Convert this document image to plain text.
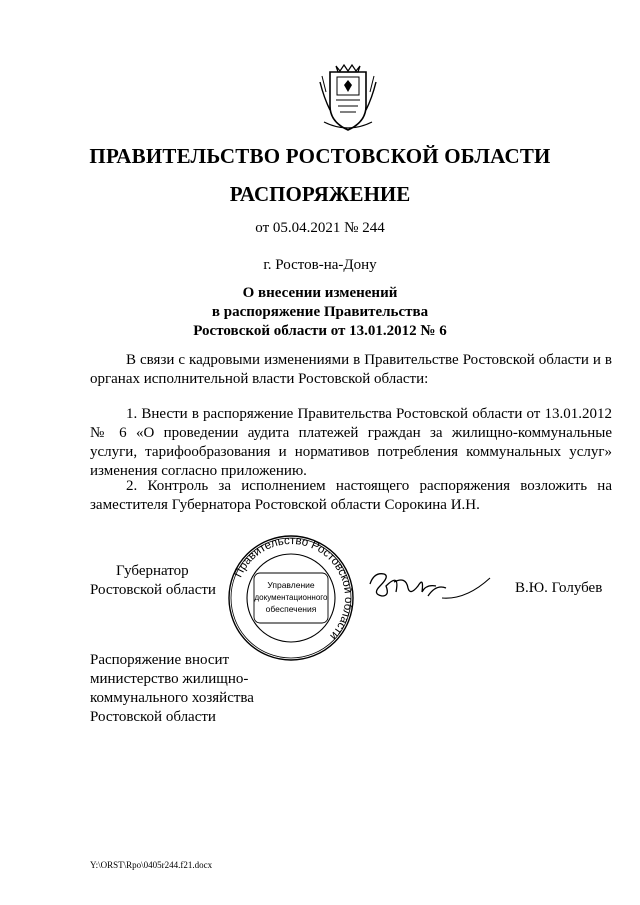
ПРАВИТЕЛЬСТВО РОСТОВСКОЙ ОБЛАСТИ
РАСПОРЯЖЕНИЕ
от 05.04.2021 № 244
г. Ростов-на-Дону
О внесении изменений
в распоряжение Правительства
Ростовской области от 13.01.2012 № 6
В связи с кадровыми изменениями в Правительстве Ростовской области и в органах исполнительной власти Ростовской области:
1. Внести в распоряжение Правительства Ростовской области от 13.01.2012 № 6 «О проведении аудита платежей граждан за жилищно-коммунальные услуги, тарифообразования и нормативов потребления коммунальных услуг» изменения согласно приложению.
2. Контроль за исполнением настоящего распоряжения возложить на заместителя Губернатора Ростовской области Сорокина И.Н.
Губернатор
Ростовской области
Правительство Ростовской области
Управление
документационного
обеспечения
В.Ю. Голубев
Распоряжение вносит
министерство жилищно-
коммунального хозяйства
Ростовской области
Y:\ORST\Rpo\0405r244.f21.docx
